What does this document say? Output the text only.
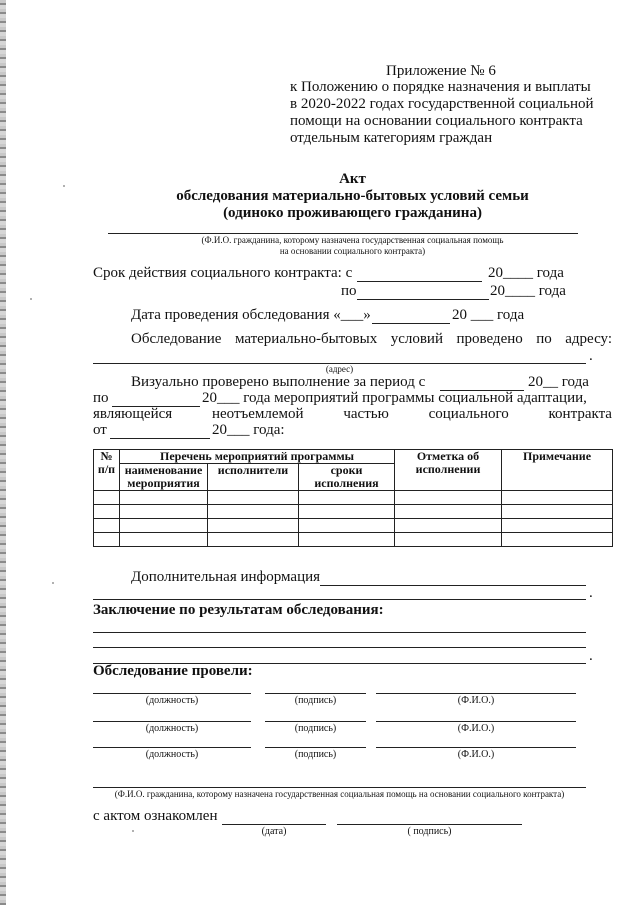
Приложение № 6
к Положению о порядке назначения и выплаты
в 2020-2022 годах государственной социальной
помощи на основании социального контракта
отдельным категориям граждан
Акт
обследования материально-бытовых условий семьи
(одиноко проживающего гражданина)
(Ф.И.О. гражданина, которому назначена государственная социальная помощь
на основании социального контракта)
Срок действия социального контракта: с	20____ года
по	20____ года
Дата проведения обследования «___»	20 ___ года
Обследование материально-бытовых условий проведено по адресу:
.
(адрес)
Визуально проверено выполнение за период с	20__ года
по	20___ года мероприятий программы социальной адаптации,
являющейся	неотъемлемой	частью	социального	контракта
от	20___ года:
№
п/п	Перечень мероприятий программы			Отметка об исполнении	Примечание
	наименование мероприятия	исполнители	сроки исполнения		

Дополнительная информация
.
Заключение по результатам обследования:
.
Обследование провели:
(должность)	(подпись)	(Ф.И.О.)
(должность)	(подпись)	(Ф.И.О.)
(должность)	(подпись)	(Ф.И.О.)
(Ф.И.О. гражданина, которому назначена государственная социальная помощь на основании социального контракта)
с актом ознакомлен
(дата)	( подпись)
